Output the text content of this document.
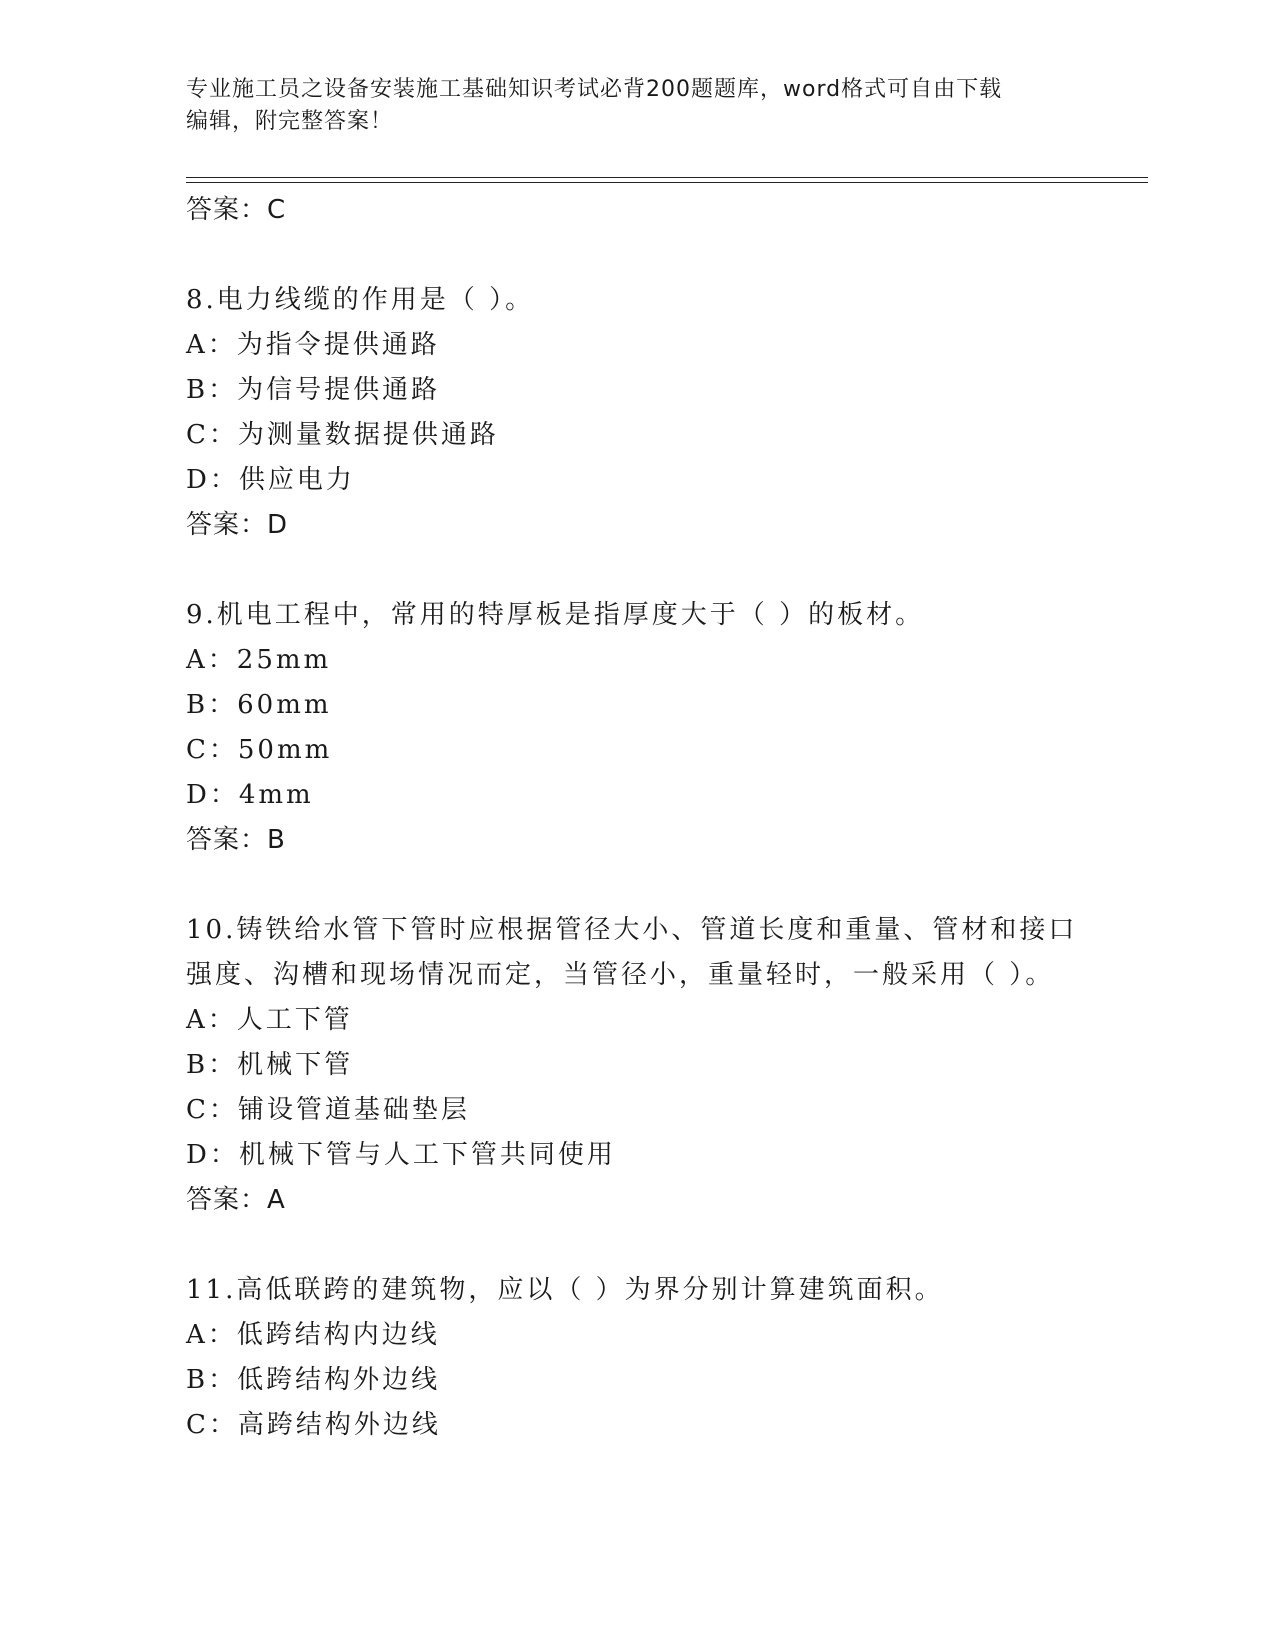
专业施工员之设备安装施工基础知识考试必背200题题库，word格式可自由下载
编辑，附完整答案！
答案：C
8.电力线缆的作用是（ ）。
A：为指令提供通路
B：为信号提供通路
C：为测量数据提供通路
D：供应电力
答案：D
9.机电工程中，常用的特厚板是指厚度大于（ ）的板材。
A：25mm
B：60mm
C：50mm
D：4mm
答案：B
10.铸铁给水管下管时应根据管径大小、管道长度和重量、管材和接口
强度、沟槽和现场情况而定，当管径小，重量轻时，一般采用（ ）。
A：人工下管
B：机械下管
C：铺设管道基础垫层
D：机械下管与人工下管共同使用
答案：A
11.高低联跨的建筑物，应以（ ）为界分别计算建筑面积。
A：低跨结构内边线
B：低跨结构外边线
C：高跨结构外边线
